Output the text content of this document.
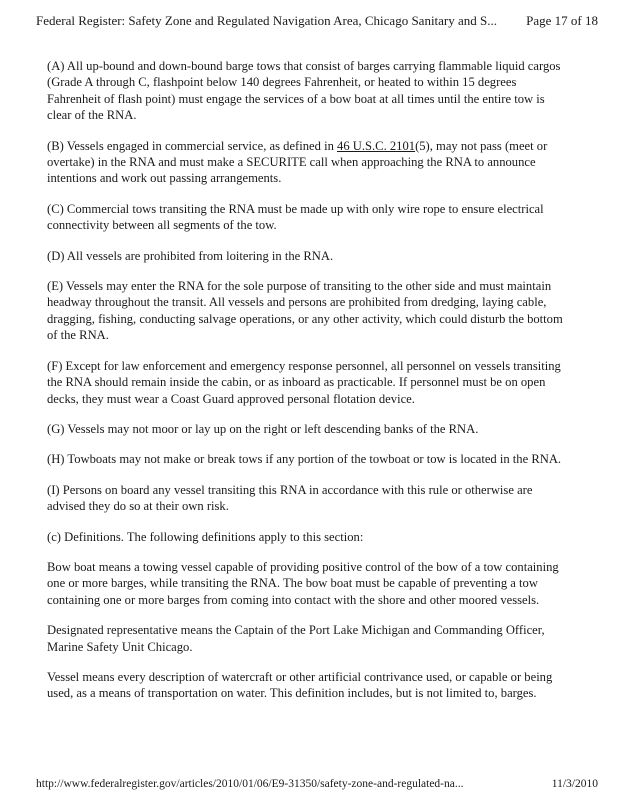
Federal Register: Safety Zone and Regulated Navigation Area, Chicago Sanitary and S... Page 17 of 18

(A) All up-bound and down-bound barge tows that consist of barges carrying flammable liquid cargos (Grade A through C, flashpoint below 140 degrees Fahrenheit, or heated to within 15 degrees Fahrenheit of flash point) must engage the services of a bow boat at all times until the entire tow is clear of the RNA.

(B) Vessels engaged in commercial service, as defined in 46 U.S.C. 2101(5), may not pass (meet or overtake) in the RNA and must make a SECURITE call when approaching the RNA to announce intentions and work out passing arrangements.

(C) Commercial tows transiting the RNA must be made up with only wire rope to ensure electrical connectivity between all segments of the tow.

(D) All vessels are prohibited from loitering in the RNA.

(E) Vessels may enter the RNA for the sole purpose of transiting to the other side and must maintain headway throughout the transit. All vessels and persons are prohibited from dredging, laying cable, dragging, fishing, conducting salvage operations, or any other activity, which could disturb the bottom of the RNA.

(F) Except for law enforcement and emergency response personnel, all personnel on vessels transiting the RNA should remain inside the cabin, or as inboard as practicable. If personnel must be on open decks, they must wear a Coast Guard approved personal flotation device.

(G) Vessels may not moor or lay up on the right or left descending banks of the RNA.

(H) Towboats may not make or break tows if any portion of the towboat or tow is located in the RNA.

(I) Persons on board any vessel transiting this RNA in accordance with this rule or otherwise are advised they do so at their own risk.

(c) Definitions. The following definitions apply to this section:

Bow boat means a towing vessel capable of providing positive control of the bow of a tow containing one or more barges, while transiting the RNA. The bow boat must be capable of preventing a tow containing one or more barges from coming into contact with the shore and other moored vessels.

Designated representative means the Captain of the Port Lake Michigan and Commanding Officer, Marine Safety Unit Chicago.

Vessel means every description of watercraft or other artificial contrivance used, or capable or being used, as a means of transportation on water. This definition includes, but is not limited to, barges.

http://www.federalregister.gov/articles/2010/01/06/E9-31350/safety-zone-and-regulated-na...	11/3/2010
